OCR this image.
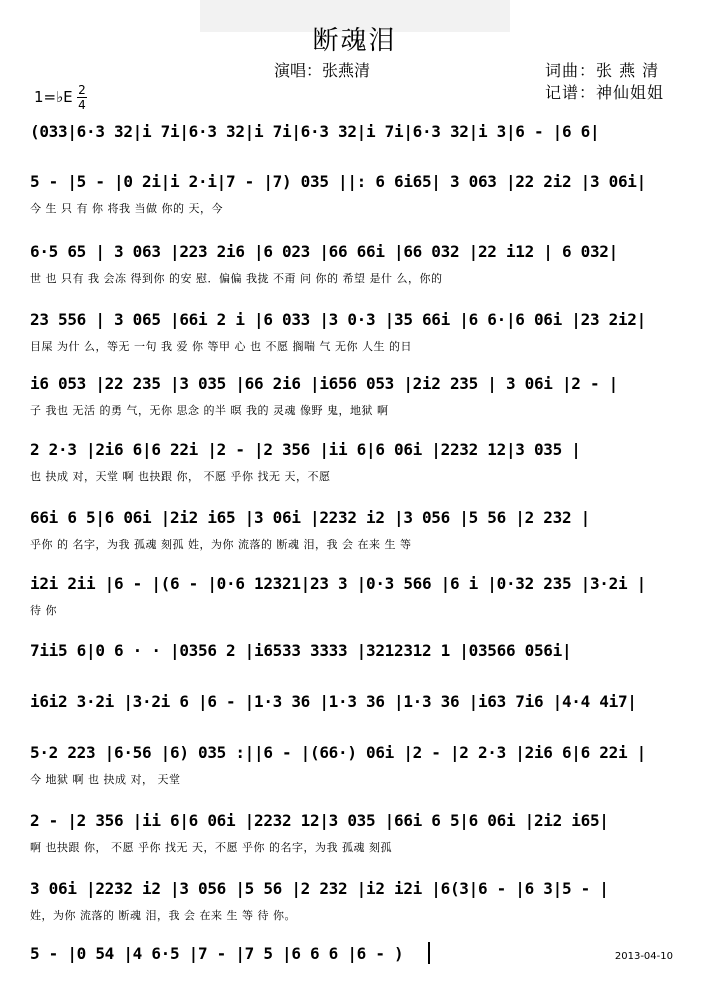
断魂泪
演唱：张燕清	词曲：张 燕 清
记谱：神仙姐姐
1=♭E 2
4
(033|6·3 32|i 7i|6·3 32|i 7i|6·3 32|i 7i|6·3 32|i 3|6 - |6 6|
5 - |5 - |0 2i|i 2·i|7 - |7) 035 ||: 6 6i65| 3 063 |22 2i2 |3 06i|
今 生 只 有 你 将我 当做 你的 天，今
6·5 65 | 3 063 |223 2i6 |6 023 |66 66i |66 032 |22 i12 | 6 032|
世 也 只有 我 会冻 得到你 的安 慰．偏偏 我拢 不甭 问 你的 希望 是什 么，你的
23 556 | 3 065 |66i 2 i |6 033 |3 0·3 |35 66i |6 6·|6 06i |23 2i2|
目屎 为什 么，等无 一句 我 爱 你 等甲 心 也 不愿 搁喘 气 无你 人生 的日
i6 053 |22 235 |3 035 |66 2i6 |i656 053 |2i2 235 | 3 06i |2 - |
子 我也 无活 的勇 气，无你 思念 的半 暝 我的 灵魂 像野 鬼，地狱 啊
2 2·3 |2i6 6|6 22i |2 - |2 356 |ii 6|6 06i |2232 12|3 035 |
也 抉成 对，天堂 啊 也抉跟 你， 不愿 乎你 找无 天，不愿
66i 6 5|6 06i |2i2 i65 |3 06i |2232 i2 |3 056 |5 56 |2 232 |
乎你 的 名字，为我 孤魂 刻孤 姓，为你 流落的 断魂 泪，我 会 在来 生 等
i2i 2ii |6 - |(6 - |0·6 12321|23 3 |0·3 566 |6 i |0·32 235 |3·2i |
待 你
7ii5 6|0 6 · · |0356 2 |i6533 3333 |3212312 1 |03566 056i|
i6i2 3·2i |3·2i 6 |6 - |1·3 36 |1·3 36 |1·3 36 |i63 7i6 |4·4 4i7|
5·2 223 |6·56 |6) 035 :||6 - |(66·) 06i |2 - |2 2·3 |2i6 6|6 22i |
今 地狱 啊 也 抉成 对， 天堂
2 - |2 356 |ii 6|6 06i |2232 12|3 035 |66i 6 5|6 06i |2i2 i65|
啊 也抉跟 你， 不愿 乎你 找无 天，不愿 乎你 的名字，为我 孤魂 刻孤
3 06i |2232 i2 |3 056 |5 56 |2 232 |i2 i2i |6(3|6 - |6 3|5 - |
姓，为你 流落的 断魂 泪，我 会 在来 生 等 待 你。
5 - |0 54 |4 6·5 |7 - |7 5 |6 6 6 |6 - )	2013-04-10
